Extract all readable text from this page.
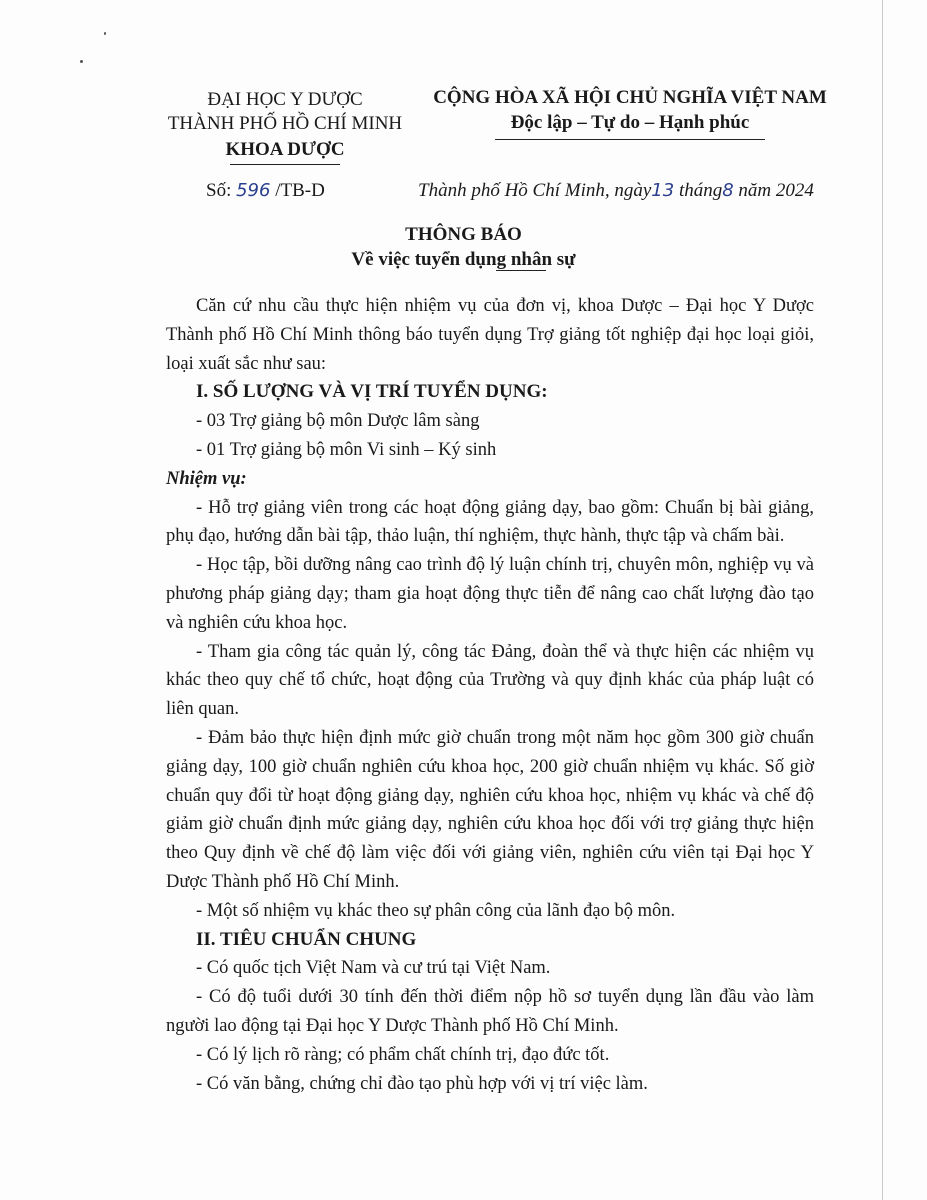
ĐẠI HỌC Y DƯỢC
THÀNH PHỐ HỒ CHÍ MINH
KHOA DƯỢC
CỘNG HÒA XÃ HỘI CHỦ NGHĨA VIỆT NAM
Độc lập – Tự do – Hạnh phúc
Số: 596 /TB-D	Thành phố Hồ Chí Minh, ngày13 tháng8 năm 2024
THÔNG BÁO
Về việc tuyển dụng nhân sự

Căn cứ nhu cầu thực hiện nhiệm vụ của đơn vị, khoa Dược – Đại học Y Dược Thành phố Hồ Chí Minh thông báo tuyển dụng Trợ giảng tốt nghiệp đại học loại giỏi, loại xuất sắc như sau:

I. SỐ LƯỢNG VÀ VỊ TRÍ TUYỂN DỤNG:

- 03 Trợ giảng bộ môn Dược lâm sàng

- 01 Trợ giảng bộ môn Vi sinh – Ký sinh

Nhiệm vụ:

- Hỗ trợ giảng viên trong các hoạt động giảng dạy, bao gồm: Chuẩn bị bài giảng, phụ đạo, hướng dẫn bài tập, thảo luận, thí nghiệm, thực hành, thực tập và chấm bài.

- Học tập, bồi dưỡng nâng cao trình độ lý luận chính trị, chuyên môn, nghiệp vụ và phương pháp giảng dạy; tham gia hoạt động thực tiễn để nâng cao chất lượng đào tạo và nghiên cứu khoa học.

- Tham gia công tác quản lý, công tác Đảng, đoàn thể và thực hiện các nhiệm vụ khác theo quy chế tổ chức, hoạt động của Trường và quy định khác của pháp luật có liên quan.

- Đảm bảo thực hiện định mức giờ chuẩn trong một năm học gồm 300 giờ chuẩn giảng dạy, 100 giờ chuẩn nghiên cứu khoa học, 200 giờ chuẩn nhiệm vụ khác. Số giờ chuẩn quy đổi từ hoạt động giảng dạy, nghiên cứu khoa học, nhiệm vụ khác và chế độ giảm giờ chuẩn định mức giảng dạy, nghiên cứu khoa học đối với trợ giảng thực hiện theo Quy định về chế độ làm việc đối với giảng viên, nghiên cứu viên tại Đại học Y Dược Thành phố Hồ Chí Minh.

- Một số nhiệm vụ khác theo sự phân công của lãnh đạo bộ môn.

II. TIÊU CHUẨN CHUNG

- Có quốc tịch Việt Nam và cư trú tại Việt Nam.

- Có độ tuổi dưới 30 tính đến thời điểm nộp hồ sơ tuyển dụng lần đầu vào làm người lao động tại Đại học Y Dược Thành phố Hồ Chí Minh.

- Có lý lịch rõ ràng; có phẩm chất chính trị, đạo đức tốt.

- Có văn bằng, chứng chỉ đào tạo phù hợp với vị trí việc làm.
